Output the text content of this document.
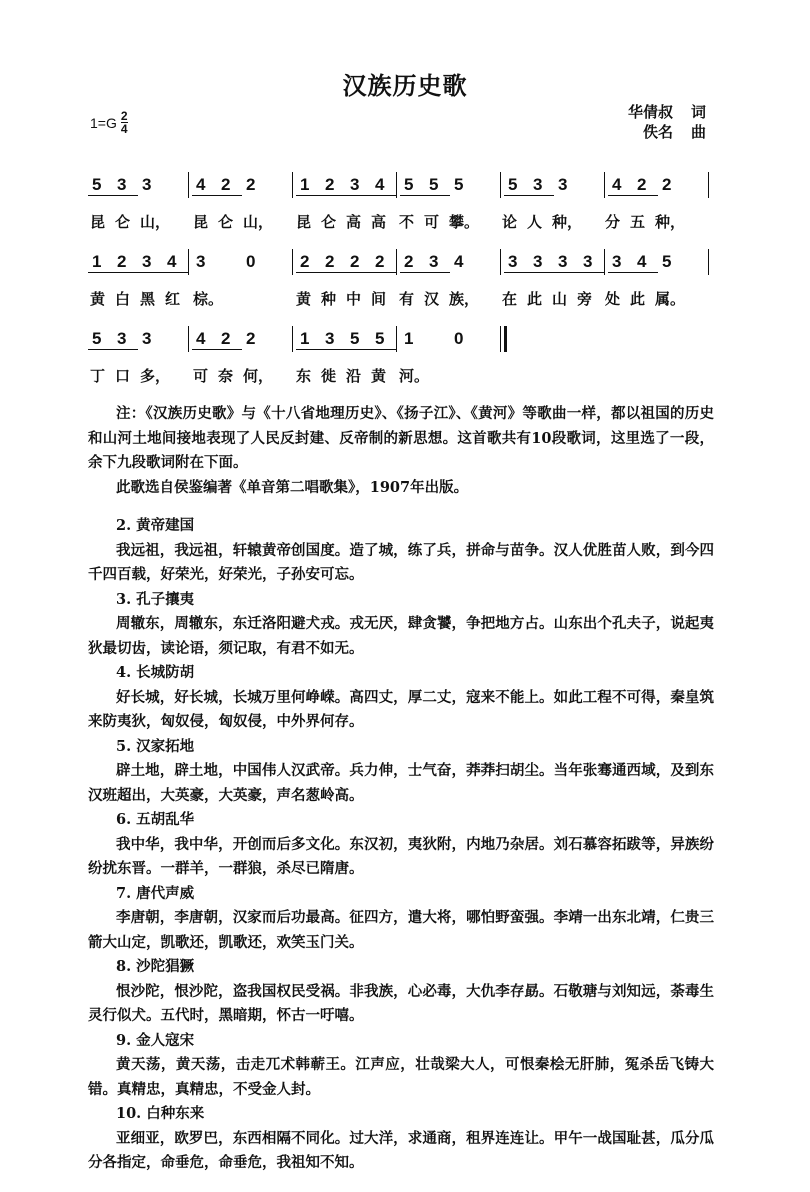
汉族历史歌
$1=G \frac{2}{4}$	华倩叔 词
佚名 曲
5 3 3	4 2 2	1 2 3 4	5 5 5	5 3 3	4 2 2
昆 仑 山，	昆 仑 山，	昆 仑 高 高 不 可 攀。	论 人 种，	分 五 种，
1 2 3 4	3	0	2 2 2 2	2 3 4	3 3 3 3	3 4 5
黄 白 黑 红 棕。	黄 种 中 间 有 汉 族，	在 此 山 旁 处 此 属。
5 3 3	4 2 2	1 3 5 5	1	0
丁 口 多，	可 奈 何，	东 徙 沿 黄 河。

注：《汉族历史歌》与《十八省地理历史》、《扬子江》、《黄河》等歌曲一样，都以祖国的历史和山河土地间接地表现了人民反封建、反帝制的新思想。这首歌共有10段歌词，这里选了一段，余下九段歌词附在下面。

此歌选自侯鉴编著《单音第二唱歌集》，1907年出版。

2. 黄帝建国

我远祖，我远祖，轩辕黄帝创国度。造了城，练了兵，拼命与苗争。汉人优胜苗人败，到今四千四百载，好荣光，好荣光，子孙安可忘。

3. 孔子攘夷

周辙东，周辙东，东迁洛阳避犬戎。戎无厌，肆贪饕，争把地方占。山东出个孔夫子，说起夷狄最切齿，读论语，须记取，有君不如无。

4. 长城防胡

好长城，好长城，长城万里何峥嵘。高四丈，厚二丈，寇来不能上。如此工程不可得，秦皇筑来防夷狄，匈奴侵，匈奴侵，中外界何存。

5. 汉家拓地

辟土地，辟土地，中国伟人汉武帝。兵力伸，士气奋，莽莽扫胡尘。当年张骞通西域，及到东汉班超出，大英豪，大英豪，声名葱岭高。

6. 五胡乱华

我中华，我中华，开创而后多文化。东汉初，夷狄附，内地乃杂居。刘石慕容拓跋等，异族纷纷扰东晋。一群羊，一群狼，杀尽已隋唐。

7. 唐代声威

李唐朝，李唐朝，汉家而后功最高。征四方，遣大将，哪怕野蛮强。李靖一出东北靖，仁贵三箭大山定，凯歌还，凯歌还，欢笑玉门关。

8. 沙陀猖獗

恨沙陀，恨沙陀，盗我国权民受祸。非我族，心必毒，大仇李存勗。石敬瑭与刘知远，荼毒生灵行似犬。五代时，黑暗期，怀古一吁嘻。

9. 金人寇宋

黄天荡，黄天荡，击走兀术韩蕲王。江声应，壮哉梁大人，可恨秦桧无肝肺，冤杀岳飞铸大错。真精忠，真精忠，不受金人封。

10. 白种东来

亚细亚，欧罗巴，东西相隔不同化。过大洋，求通商，租界连连让。甲午一战国耻甚，瓜分瓜分各指定，命垂危，命垂危，我祖知不知。
